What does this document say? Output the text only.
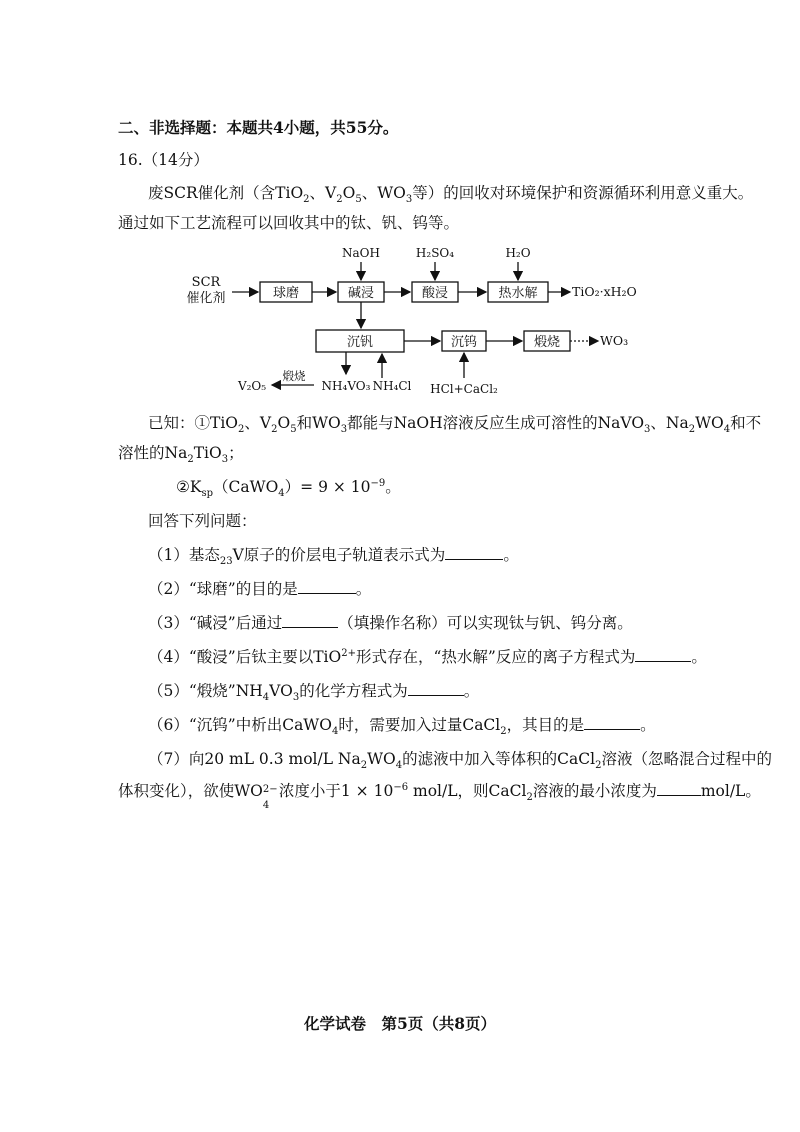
二、非选择题：本题共4小题，共55分。
16.（14分）
废SCR催化剂（含TiO$_2$、$V_2O_5$、$WO_3$等）的回收对环境保护和资源循环利用意义重大。
通过如下工艺流程可以回收其中的钛、钒、钨等。
SCR
催化剂	球磨	碱浸
NaOH
酸浸
H₂SO₄
热水解
H₂O
TiO₂·xH₂O
沉钒	沉钨
HCl+CaCl₂
煅烧	WO₃
NH₄VO₃ NH₄Cl
煅烧
V₂O₅
已知：①TiO$_2$、$V_2O_5$和$WO_3$都能与NaOH溶液反应生成可溶性的NaVO$_3$、$Na_2WO_4$和不
溶性的$Na_2TiO_3$；
$②K_{sp}(CaWO_4)= 9 \times 10^{-9}$。
回答下列问题：
（1）基态$_{23}$V原子的价层电子轨道表示式为	。
（2）“球磨”的目的是	。
（3）“碱浸”后通过	（填操作名称）可以实现钛与钒、钨分离。
（4）“酸浸”后钛主要以TiO$^{2+}$形式存在，“热水解”反应的离子方程式为	。
（5）“煅烧$”NH_4VO_3$的化学方程式为	。
（6）“沉钨”中析出CaWO$_4$时，需要加入过量CaCl$_2$，其目的是	。
（7）向20 mL 0.3 mol/L $Na_2WO_4$的滤液中加入等体积的CaCl$_2$溶液（忽略混合过程中的
体积变化），欲使WO 2−
4
浓度小于$1 \times 10^{-6}$ mol/L，则CaCl$_2$溶液的最小浓度为	mol/L。
化学试卷　第5页（共8页）
